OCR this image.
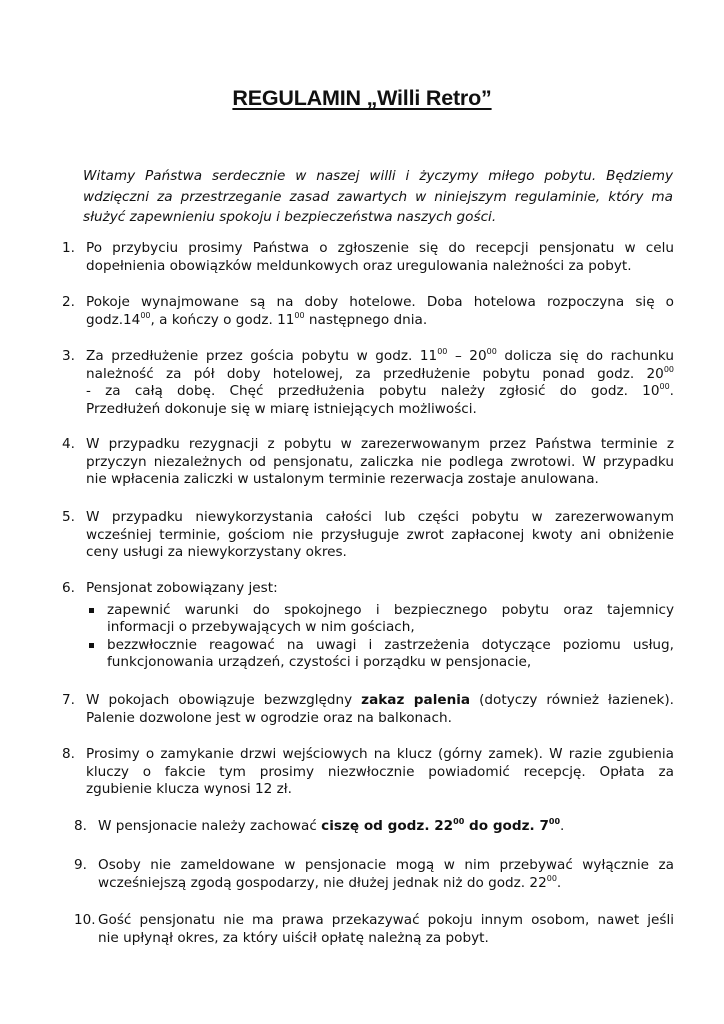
REGULAMIN „Willi Retro”
Witamy Państwa serdecznie w naszej willi i życzymy miłego pobytu. Będziemy
wdzięczni za przestrzeganie zasad zawartych w niniejszym regulaminie, który ma
służyć zapewnieniu spokoju i bezpieczeństwa naszych gości.
1. Po przybyciu prosimy Państwa o zgłoszenie się do recepcji pensjonatu w celu
dopełnienia obowiązków meldunkowych oraz uregulowania należności za pobyt.
2. Pokoje wynajmowane są na doby hotelowe. Doba hotelowa rozpoczyna się o
$godz.14^{00}$, a kończy o godz. $11^{00}$ następnego dnia.
3. Za przedłużenie przez gościa pobytu w godz. $11^{00} - 20^{00}$ dolicza się do rachunku
należność za pół doby hotelowej, za przedłużenie pobytu ponad godz. $20^{00}$
- za całą dobę. Chęć przedłużenia pobytu należy zgłosić do godz. $10^{00}$.
Przedłużeń dokonuje się w miarę istniejących możliwości.
4. W przypadku rezygnacji z pobytu w zarezerwowanym przez Państwa terminie z
przyczyn niezależnych od pensjonatu, zaliczka nie podlega zwrotowi. W przypadku
nie wpłacenia zaliczki w ustalonym terminie rezerwacja zostaje anulowana.
5. W przypadku niewykorzystania całości lub części pobytu w zarezerwowanym
wcześniej terminie, gościom nie przysługuje zwrot zapłaconej kwoty ani obniżenie
ceny usługi za niewykorzystany okres.
6. Pensjonat zobowiązany jest:
zapewnić warunki do spokojnego i bezpiecznego pobytu oraz tajemnicy
informacji o przebywających w nim gościach,
bezzwłocznie reagować na uwagi i zastrzeżenia dotyczące poziomu usług,
funkcjonowania urządzeń, czystości i porządku w pensjonacie,
7. W pokojach obowiązuje bezwzględny zakaz palenia (dotyczy również łazienek).
Palenie dozwolone jest w ogrodzie oraz na balkonach.
8. Prosimy o zamykanie drzwi wejściowych na klucz (górny zamek). W razie zgubienia
kluczy o fakcie tym prosimy niezwłocznie powiadomić recepcję. Opłata za
zgubienie klucza wynosi 12 zł.
8. W pensjonacie należy zachować ciszę od godz. $22^{00}$ do godz. $7^{00}$.
9. Osoby nie zameldowane w pensjonacie mogą w nim przebywać wyłącznie za
wcześniejszą zgodą gospodarzy, nie dłużej jednak niż do godz. $22^{00}$.
10. Gość pensjonatu nie ma prawa przekazywać pokoju innym osobom, nawet jeśli
nie upłynął okres, za który uiścił opłatę należną za pobyt.
